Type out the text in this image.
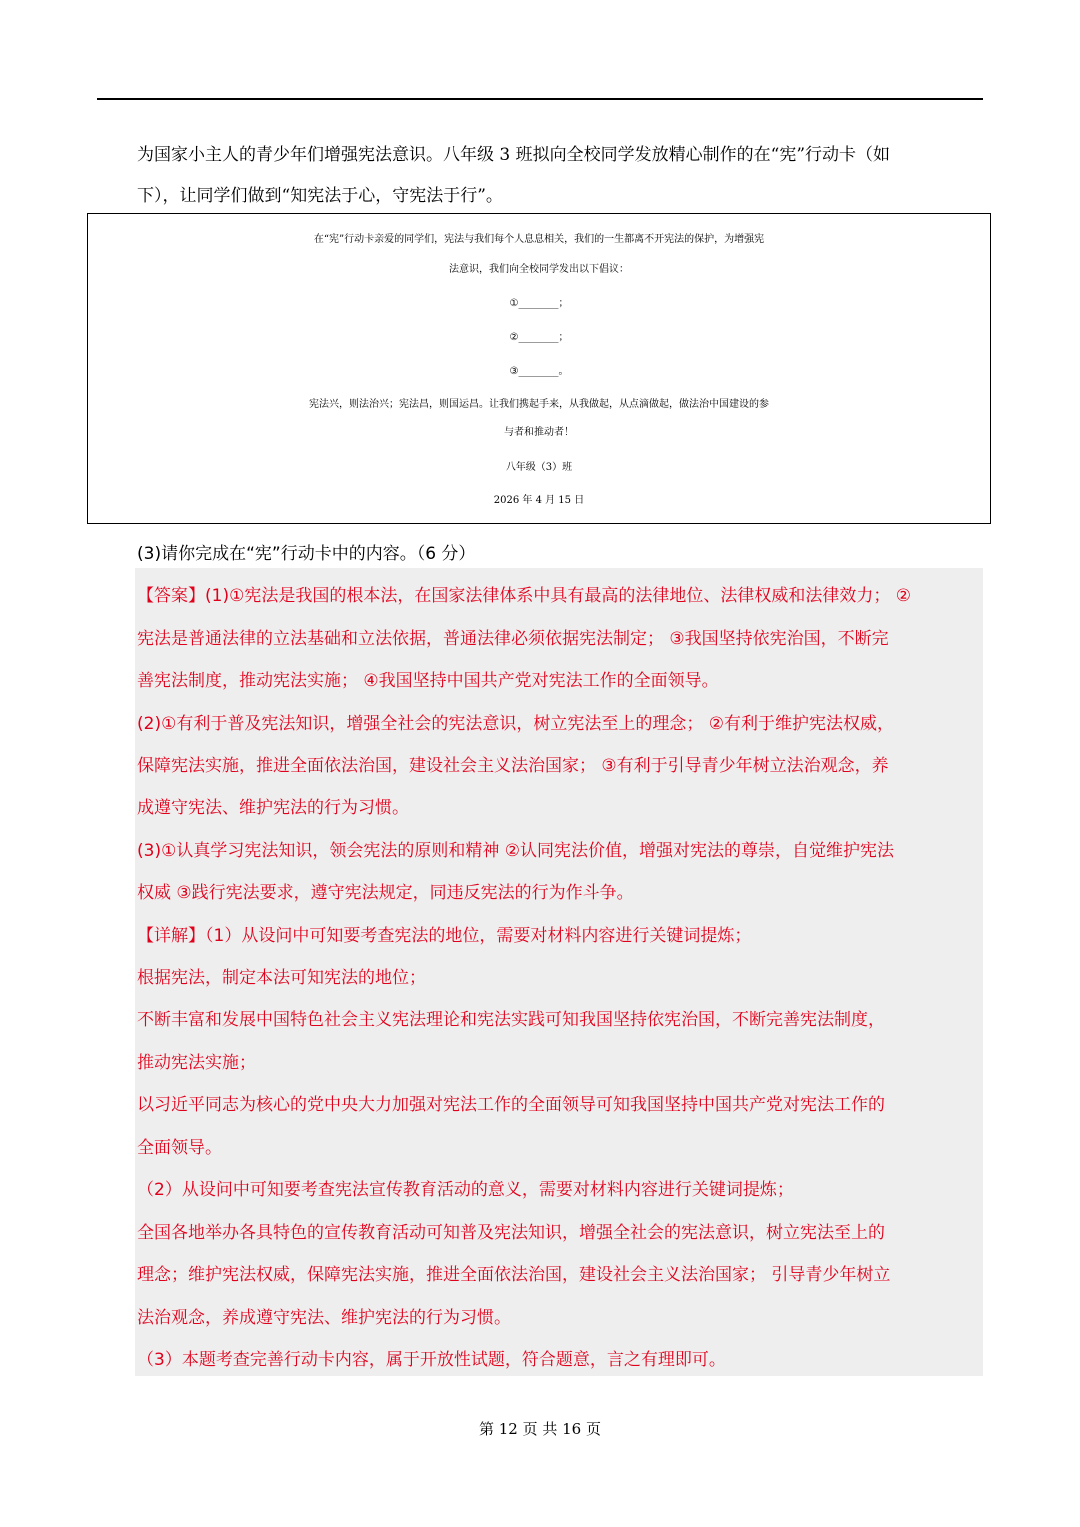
为国家小主人的青少年们增强宪法意识。八年级 3 班拟向全校同学发放精心制作的在“宪”行动卡（如
下），让同学们做到“知宪法于心，守宪法于行”。
在“宪”行动卡亲爱的同学们，宪法与我们每个人息息相关，我们的一生都离不开宪法的保护，为增强宪
法意识，我们向全校同学发出以下倡议：
①________；
②________；
③________。
宪法兴，则法治兴；宪法昌，则国运昌。让我们携起手来，从我做起，从点滴做起，做法治中国建设的参
与者和推动者！
八年级（3）班
2026 年 4 月 15 日
(3)请你完成在“宪”行动卡中的内容。（6 分）
【答案】(1)①宪法是我国的根本法，在国家法律体系中具有最高的法律地位、法律权威和法律效力； ②
宪法是普通法律的立法基础和立法依据，普通法律必须依据宪法制定； ③我国坚持依宪治国，不断完
善宪法制度，推动宪法实施； ④我国坚持中国共产党对宪法工作的全面领导。
(2)①有利于普及宪法知识，增强全社会的宪法意识，树立宪法至上的理念； ②有利于维护宪法权威，
保障宪法实施，推进全面依法治国，建设社会主义法治国家； ③有利于引导青少年树立法治观念，养
成遵守宪法、维护宪法的行为习惯。
(3)①认真学习宪法知识，领会宪法的原则和精神 ②认同宪法价值，增强对宪法的尊崇，自觉维护宪法
权威 ③践行宪法要求，遵守宪法规定，同违反宪法的行为作斗争。
【详解】（1）从设问中可知要考查宪法的地位，需要对材料内容进行关键词提炼；
根据宪法，制定本法可知宪法的地位；
不断丰富和发展中国特色社会主义宪法理论和宪法实践可知我国坚持依宪治国，不断完善宪法制度，
推动宪法实施；
以习近平同志为核心的党中央大力加强对宪法工作的全面领导可知我国坚持中国共产党对宪法工作的
全面领导。
（2）从设问中可知要考查宪法宣传教育活动的意义，需要对材料内容进行关键词提炼；
全国各地举办各具特色的宣传教育活动可知普及宪法知识，增强全社会的宪法意识，树立宪法至上的
理念；维护宪法权威，保障宪法实施，推进全面依法治国，建设社会主义法治国家； 引导青少年树立
法治观念，养成遵守宪法、维护宪法的行为习惯。
（3）本题考查完善行动卡内容，属于开放性试题，符合题意，言之有理即可。
第 12 页 共 16 页
